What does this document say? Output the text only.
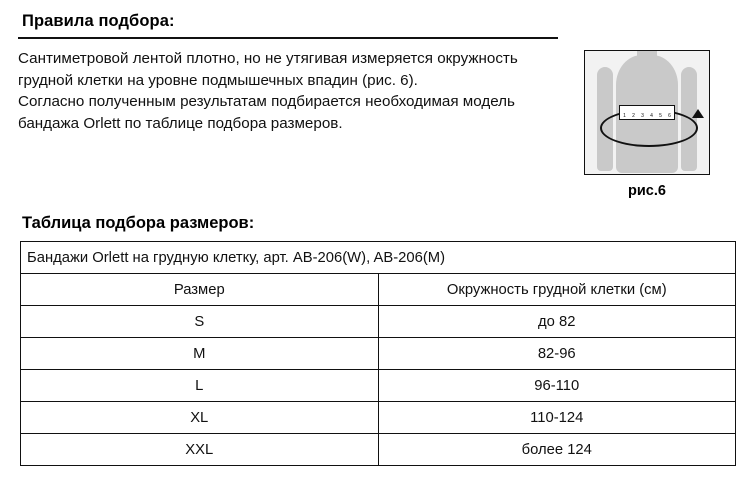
Правила подбора:

Сантиметровой лентой плотно, но не утягивая измеряется окружность грудной клетки на уровне подмышечных впадин (рис. 6).

Согласно полученным результатам подбирается необходимая модель бандажа Orlett по таблице подбора размеров.	1 2 3 4 5 6
рис.6
Таблица подбора размеров:
Бандажи Orlett на грудную клетку, арт. AB-206(W), AB-206(M)	
Размер	Окружность грудной клетки (см)
S	до 82
M	82-96
L	96-110
XL	110-124
XXL	более 124
